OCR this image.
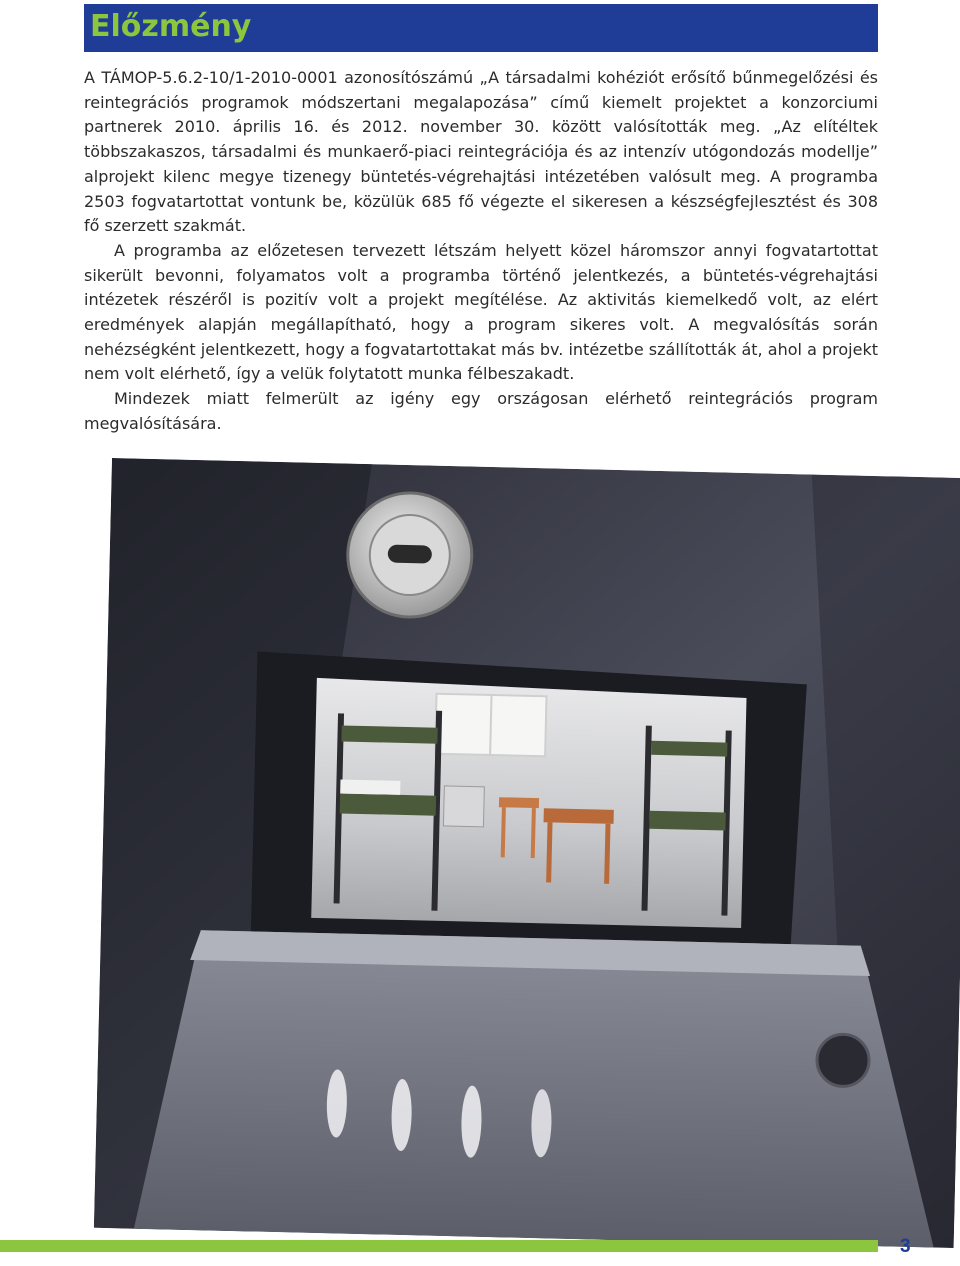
Előzmény

A TÁMOP-5.6.2-10/1-2010-0001 azonosítószámú „A társadalmi kohéziót erősítő bűnmegelőzési és reintegrációs programok módszertani megalapozása” című kiemelt projektet a konzorciumi partnerek 2010. április 16. és 2012. november 30. között valósították meg. „Az elítéltek többszakaszos, társadalmi és munkaerő-piaci reintegrációja és az intenzív utógondozás modellje” alprojekt kilenc megye tizenegy büntetés-végrehajtási intézetében valósult meg. A programba 2503 fogvatartottat vontunk be, közülük 685 fő végezte el sikeresen a készségfejlesztést és 308 fő szerzett szakmát.

A programba az előzetesen tervezett létszám helyett közel háromszor annyi fogvatartottat sikerült bevonni, folyamatos volt a programba történő jelentkezés, a büntetés-végrehajtási intézetek részéről is pozitív volt a projekt megítélése. Az aktivitás kiemelkedő volt, az elért eredmények alapján megállapítható, hogy a program sikeres volt. A megvalósítás során nehézségként jelentkezett, hogy a fogvatartottakat más bv. intézetbe szállították át, ahol a projekt nem volt elérhető, így a velük folytatott munka félbeszakadt.

Mindezek miatt felmerült az igény egy országosan elérhető reintegrációs program megvalósítására.

3
